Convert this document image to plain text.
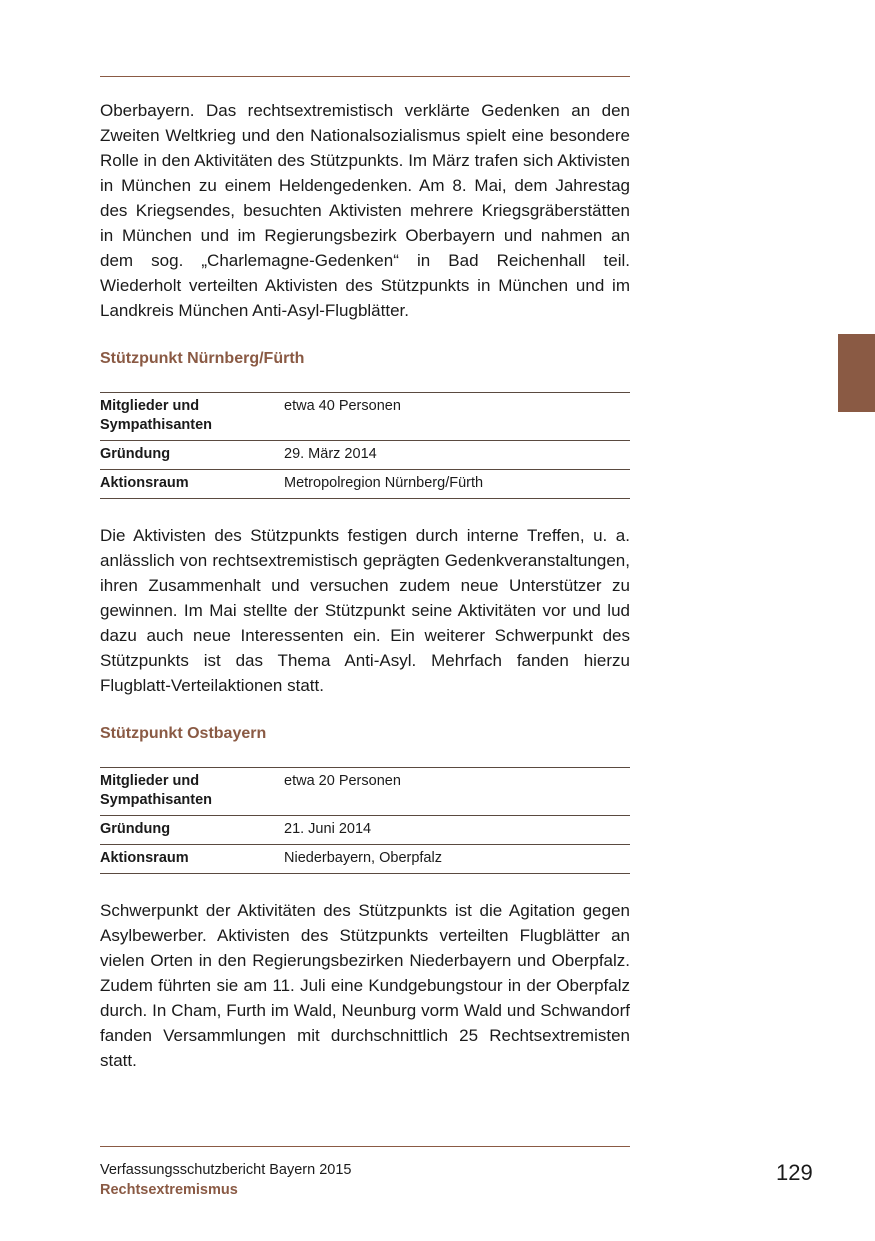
Oberbayern. Das rechtsextremistisch verklärte Gedenken an den Zweiten Weltkrieg und den Nationalsozialismus spielt eine besondere Rolle in den Aktivitäten des Stützpunkts. Im März trafen sich Aktivisten in München zu einem Heldengedenken. Am 8. Mai, dem Jahrestag des Kriegsendes, besuchten Aktivisten mehrere Kriegsgräberstätten in München und im Regierungsbezirk Oberbayern und nahmen an dem sog. „Charlemagne-Gedenken“ in Bad Reichenhall teil. Wiederholt verteilten Aktivisten des Stützpunkts in München und im Landkreis München Anti-Asyl-Flugblätter.

Stützpunkt Nürnberg/Fürth
Mitglieder und Sympathisanten	etwa 40 Personen
Gründung	29. März 2014
Aktionsraum	Metropolregion Nürnberg/Fürth

Die Aktivisten des Stützpunkts festigen durch interne Treffen, u. a. anlässlich von rechtsextremistisch geprägten Gedenkveranstaltungen, ihren Zusammenhalt und versuchen zudem neue Unterstützer zu gewinnen. Im Mai stellte der Stützpunkt seine Aktivitäten vor und lud dazu auch neue Interessenten ein. Ein weiterer Schwerpunkt des Stützpunkts ist das Thema Anti-Asyl. Mehrfach fanden hierzu Flugblatt-Verteilaktionen statt.

Stützpunkt Ostbayern
Mitglieder und Sympathisanten	etwa 20 Personen
Gründung	21. Juni 2014
Aktionsraum	Niederbayern, Oberpfalz

Schwerpunkt der Aktivitäten des Stützpunkts ist die Agitation gegen Asylbewerber. Aktivisten des Stützpunkts verteilten Flugblätter an vielen Orten in den Regierungsbezirken Niederbayern und Oberpfalz. Zudem führten sie am 11. Juli eine Kundgebungstour in der Oberpfalz durch. In Cham, Furth im Wald, Neunburg vorm Wald und Schwandorf fanden Versammlungen mit durchschnittlich 25 Rechtsextremisten statt.

Verfassungsschutzbericht Bayern 2015
Rechtsextremismus
129
